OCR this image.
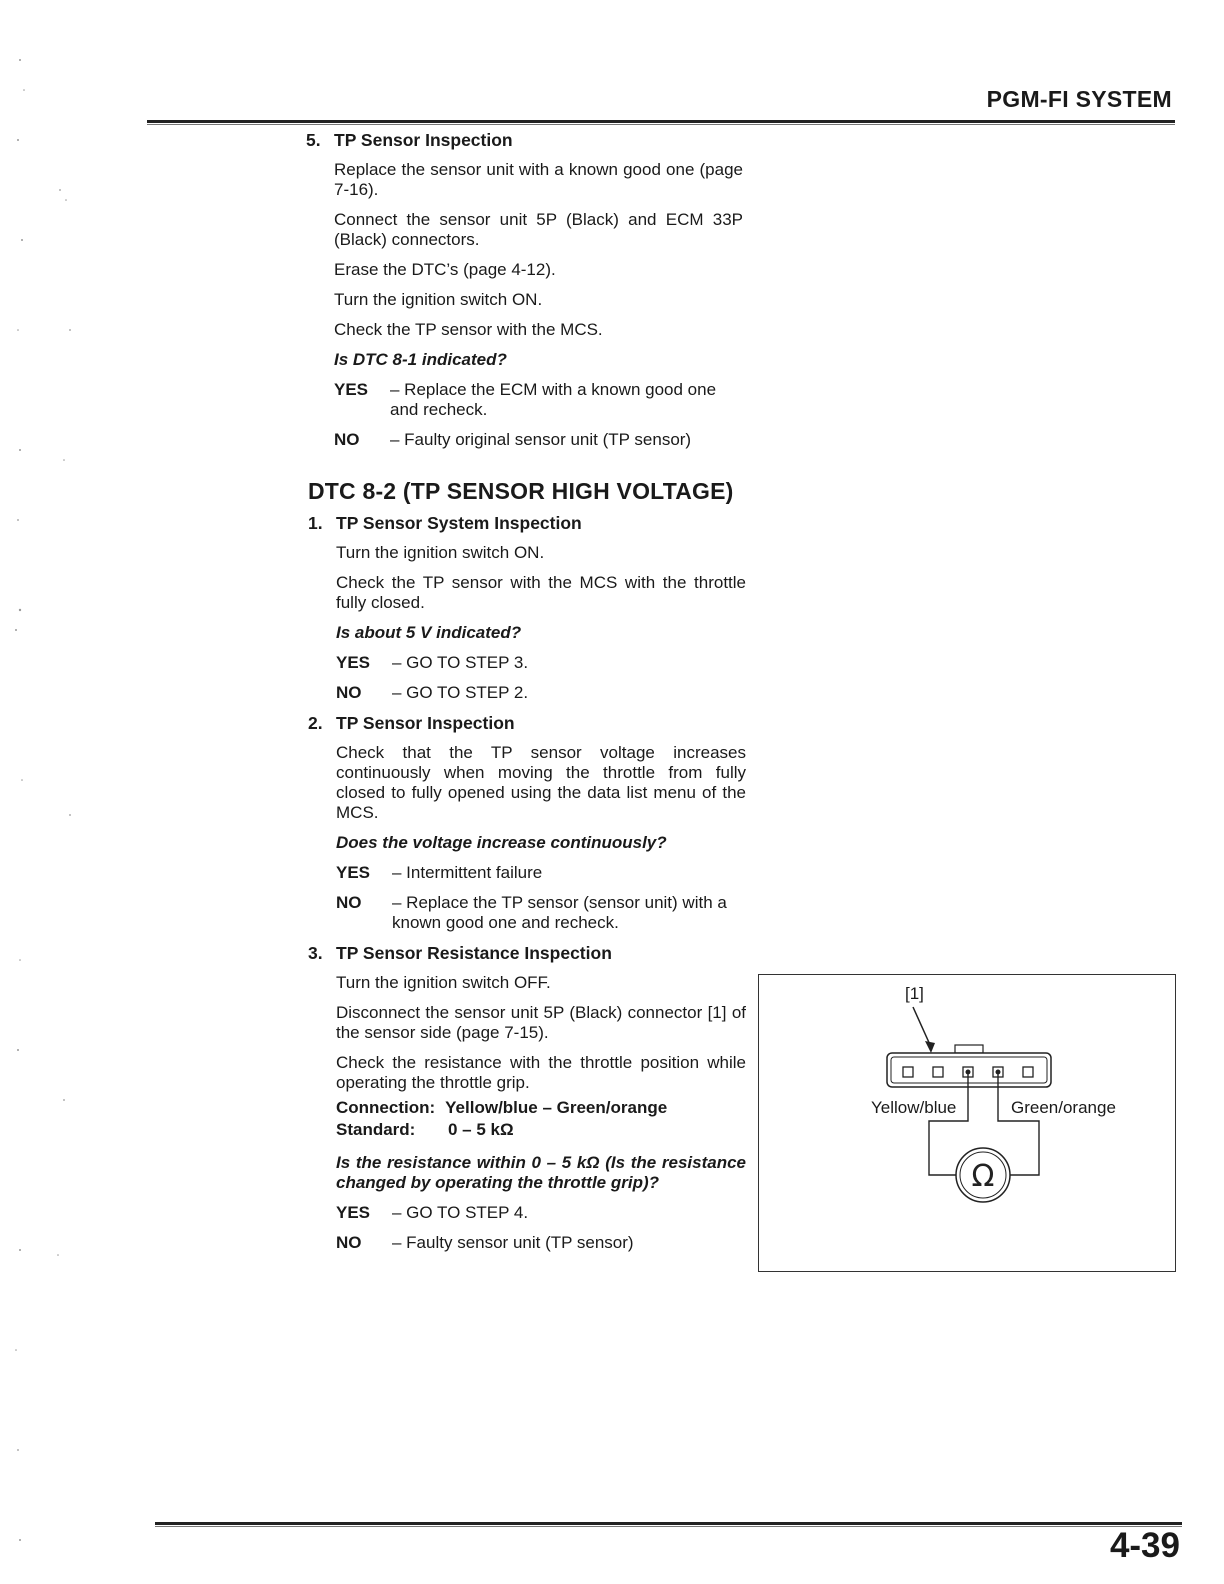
PGM-FI SYSTEM
5. TP Sensor Inspection
Replace the sensor unit with a known good one (page 7-16).
Connect the sensor unit 5P (Black) and ECM 33P (Black) connectors.
Erase the DTC’s (page 4-12).
Turn the ignition switch ON.
Check the TP sensor with the MCS.
Is DTC 8-1 indicated?
YES	– Replace the ECM with a known good one and recheck.
NO	– Faulty original sensor unit (TP sensor)
DTC 8-2 (TP SENSOR HIGH VOLTAGE)
1. TP Sensor System Inspection
Turn the ignition switch ON.
Check the TP sensor with the MCS with the throttle fully closed.
Is about 5 V indicated?
YES	– GO TO STEP 3.
NO	– GO TO STEP 2.
2. TP Sensor Inspection
Check that the TP sensor voltage increases continuously when moving the throttle from fully closed to fully opened using the data list menu of the MCS.
Does the voltage increase continuously?
YES	– Intermittent failure
NO	– Replace the TP sensor (sensor unit) with a known good one and recheck.
3. TP Sensor Resistance Inspection
Turn the ignition switch OFF.
Disconnect the sensor unit 5P (Black) connector [1] of the sensor side (page 7-15).
Check the resistance with the throttle position while operating the throttle grip.
Connection: Yellow/blue – Green/orange
Standard:	0 – 5 kΩ
Is the resistance within 0 – 5 kΩ (Is the resistance changed by operating the throttle grip)?
YES	– GO TO STEP 4.
NO	– Faulty sensor unit (TP sensor)
[1]
Yellow/blue	Green/orange
Ω
4-39
